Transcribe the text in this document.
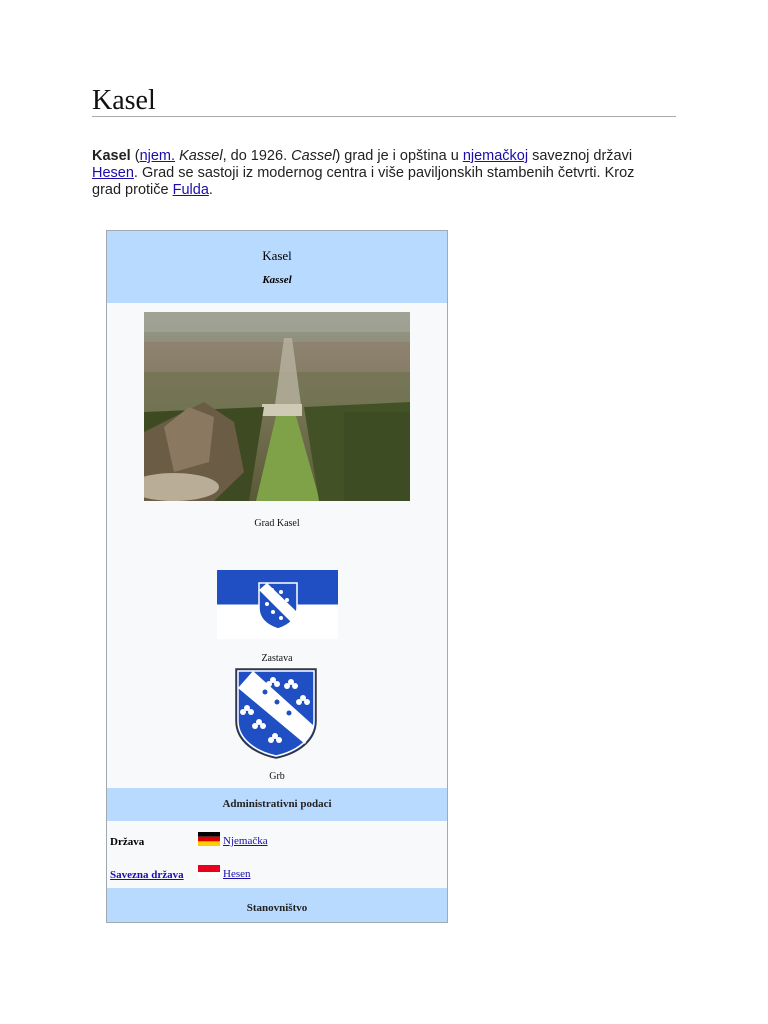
Kasel

Kasel (njem. Kassel, do 1926. Cassel) grad je i opština u njemačkoj saveznoj državi Hesen. Grad se sastoji iz modernog centra i više paviljonskih stambenih četvrti. Kroz grad protiče Fulda.

Kasel
Kassel
Grad Kasel
Zastava
Grb
Administrativni podaci
Država	Njemačka
Savezna država	Hesen
Stanovništvo
